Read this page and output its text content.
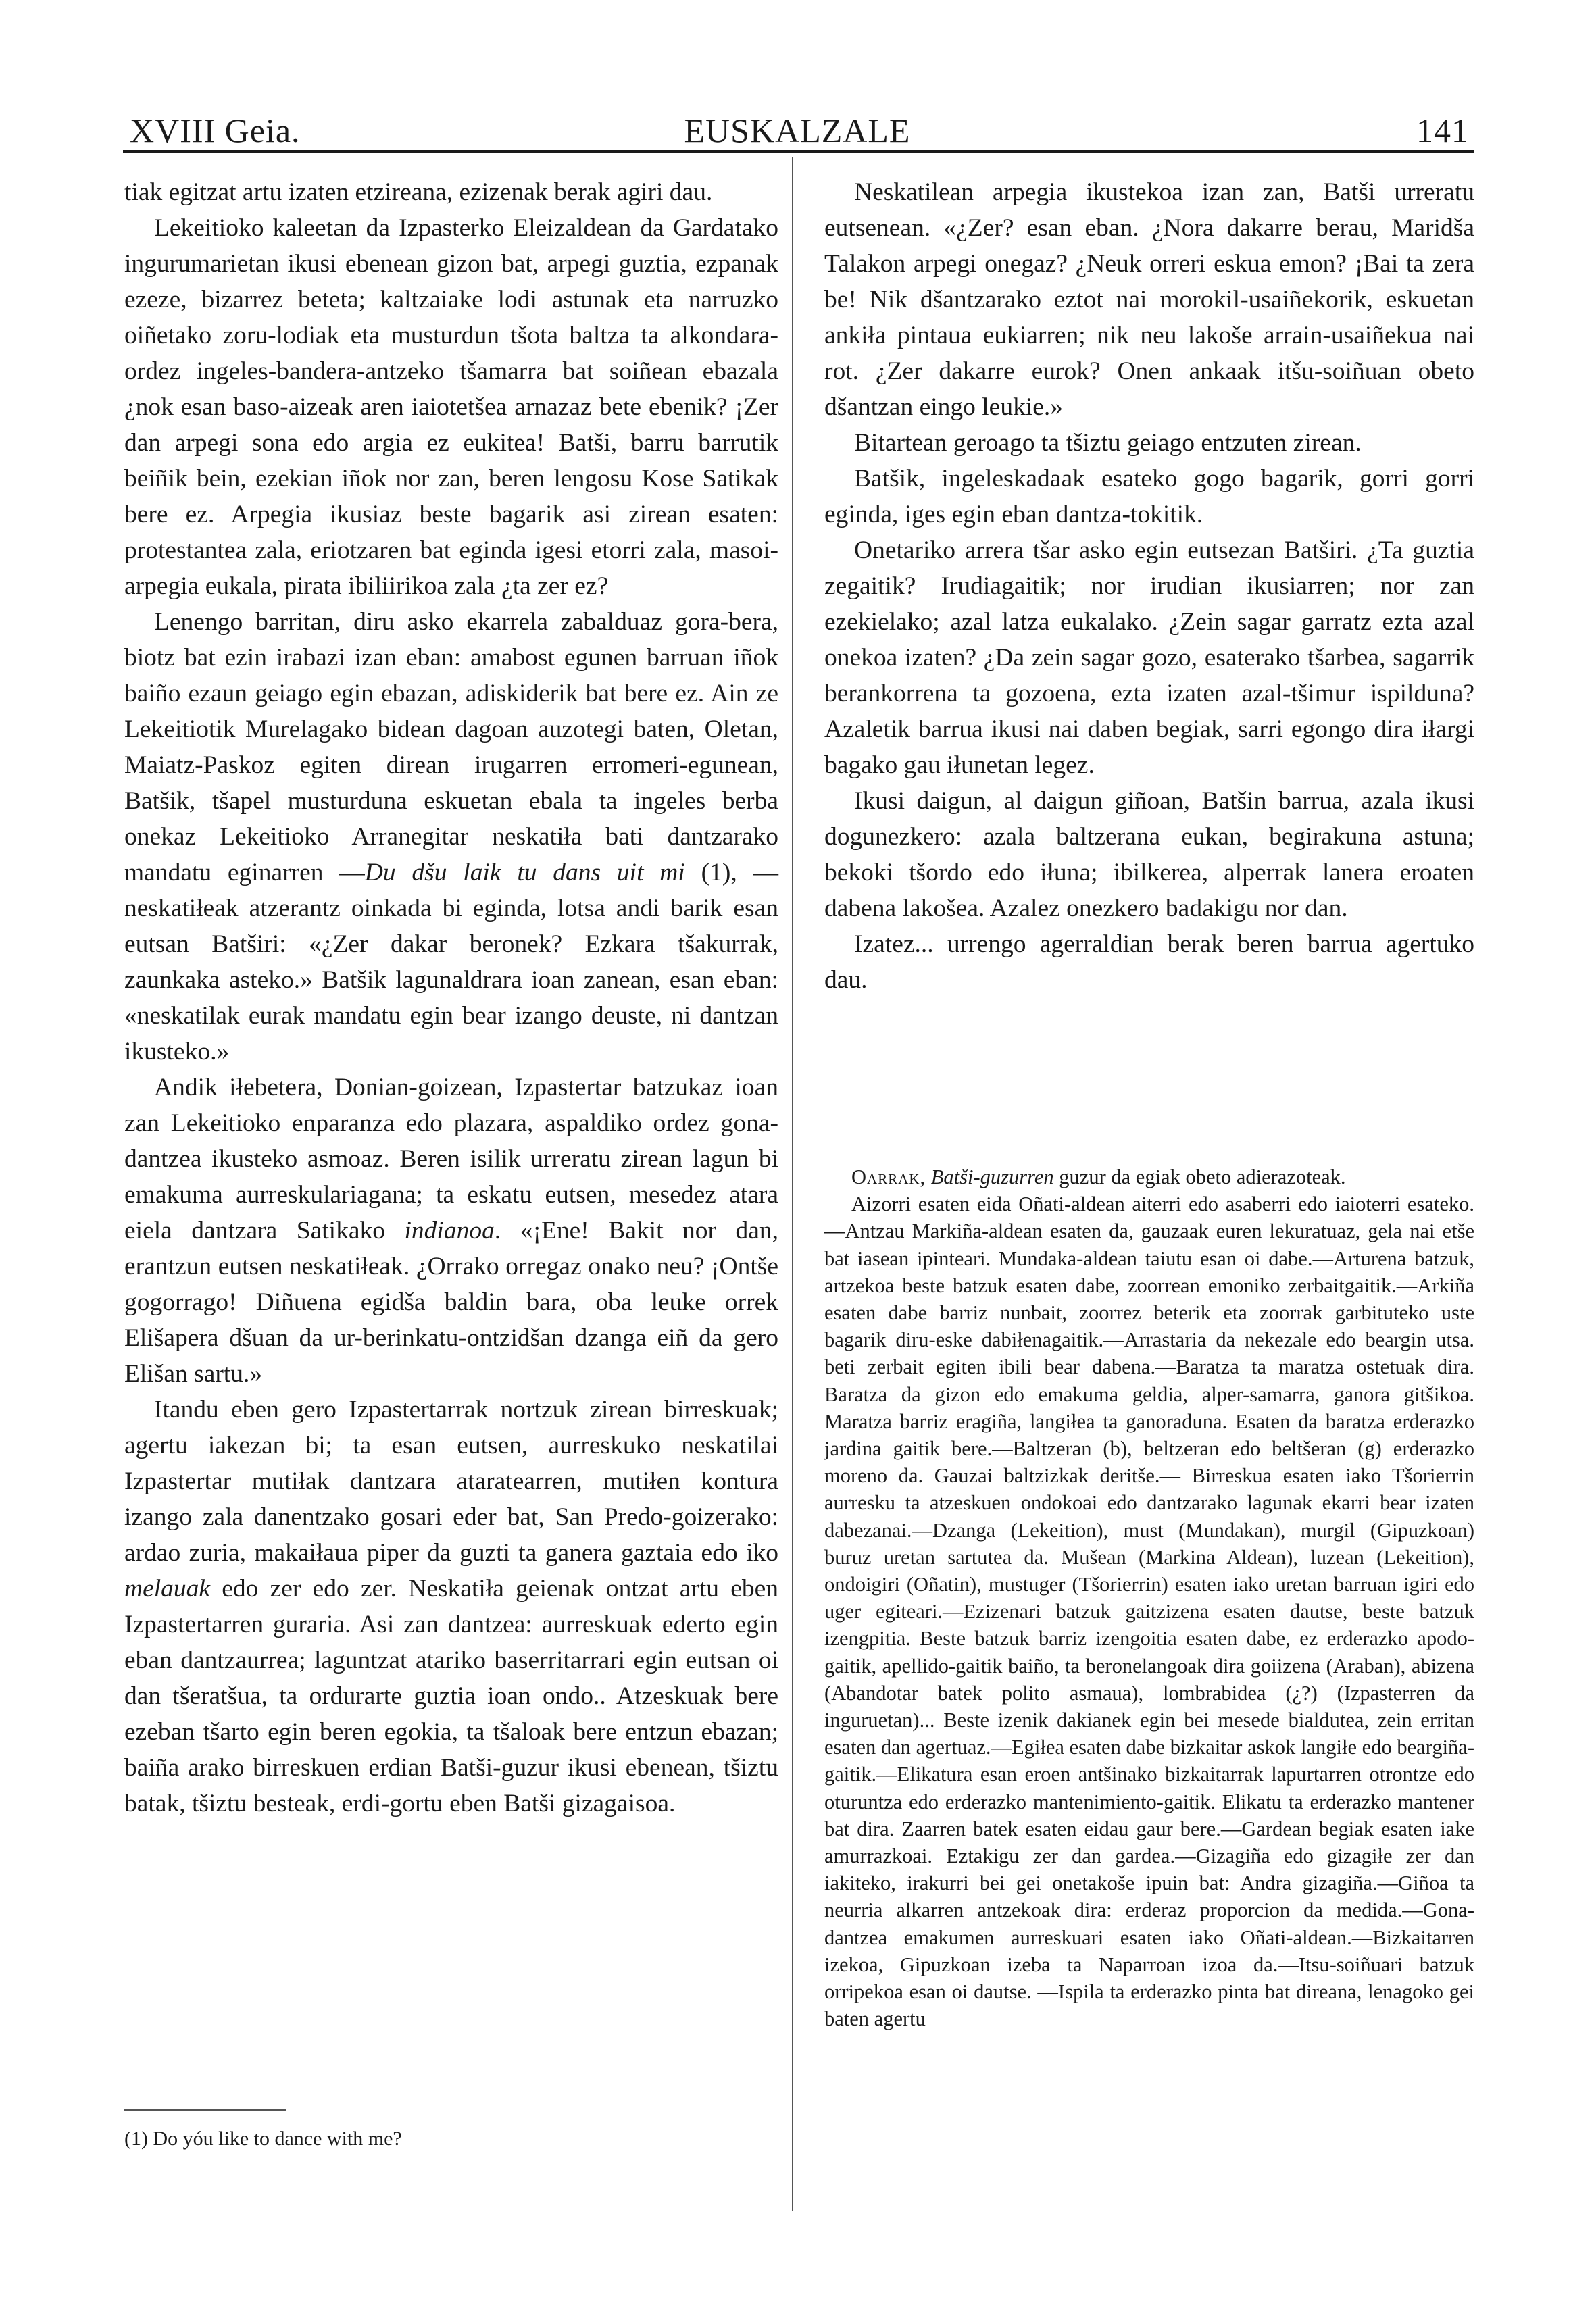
XVIII Geia.	EUSKALZALE	141

tiak egitzat artu izaten etzireana, ezizenak berak agiri dau.

Lekeitioko kaleetan da Izpasterko Eleizaldean da Gardatako ingurumarietan ikusi ebenean gizon bat, arpegi guztia, ezpanak ezeze, bizarrez beteta; kaltzaiake lodi astunak eta narruzko oiñetako zoru-lodiak eta musturdun tšota baltza ta alkondara-ordez ingeles-bandera-antzeko tšamarra bat soiñean ebazala ¿nok esan baso-aizeak aren iaiotetšea arnazaz bete ebenik? ¡Zer dan arpegi sona edo argia ez eukitea! Batši, barru barrutik beiñik bein, ezekian iñok nor zan, beren lengosu Kose Satikak bere ez. Arpegia ikusiaz beste bagarik asi zirean esaten: protestantea zala, eriotzaren bat eginda igesi etorri zala, masoi-arpegia eukala, pirata ibiliirikoa zala ¿ta zer ez?

Lenengo barritan, diru asko ekarrela zabalduaz gora-bera, biotz bat ezin irabazi izan eban: amabost egunen barruan iñok baiño ezaun geiago egin ebazan, adiskiderik bat bere ez. Ain ze Lekeitiotik Murelagako bidean dagoan auzotegi baten, Oletan, Maiatz-Paskoz egiten direan irugarren erromeri-egunean, Batšik, tšapel musturduna eskuetan ebala ta ingeles berba onekaz Lekeitioko Arranegitar neskatiła bati dantzarako mandatu eginarren —Du dšu laik tu dans uit mi (1), —neskatiłeak atzerantz oinkada bi eginda, lotsa andi barik esan eutsan Batširi: «¿Zer dakar beronek? Ezkara tšakurrak, zaunkaka asteko.» Batšik lagunaldrara ioan zanean, esan eban: «neskatilak eurak mandatu egin bear izango deuste, ni dantzan ikusteko.»

Andik iłebetera, Donian-goizean, Izpastertar batzukaz ioan zan Lekeitioko enparanza edo plazara, aspaldiko ordez gona-dantzea ikusteko asmoaz. Beren isilik urreratu zirean lagun bi emakuma aurreskulariagana; ta eskatu eutsen, mesedez atara eiela dantzara Satikako indianoa. «¡Ene! Bakit nor dan, erantzun eutsen neskatiłeak. ¿Orrako orregaz onako neu? ¡Ontše gogorrago! Diñuena egidša baldin bara, oba leuke orrek Elišapera dšuan da ur-berinkatu-ontzidšan dzanga eiñ da gero Elišan sartu.»

Itandu eben gero Izpastertarrak nortzuk zirean birreskuak; agertu iakezan bi; ta esan eutsen, aurreskuko neskatilai Izpastertar mutiłak dantzara ataratearren, mutiłen kontura izango zala danentzako gosari eder bat, San Predo-goizerako: ardao zuria, makaiłaua piper da guzti ta ganera gaztaia edo iko melauak edo zer edo zer. Neskatiła geienak ontzat artu eben Izpastertarren guraria. Asi zan dantzea: aurreskuak ederto egin eban dantzaurrea; laguntzat atariko baserritarrari egin eutsan oi dan tšeratšua, ta ordurarte guztia ioan ondo.. Atzeskuak bere ezeban tšarto egin beren egokia, ta tšaloak bere entzun ebazan; baiña arako birreskuen erdian Batši-guzur ikusi ebenean, tšiztu batak, tšiztu besteak, erdi-gortu eben Batši gizagaisoa.

(1) Do yóu like to dance with me?

Neskatilean arpegia ikustekoa izan zan, Batši urreratu eutsenean. «¿Zer? esan eban. ¿Nora dakarre berau, Maridša Talakon arpegi onegaz? ¿Neuk orreri eskua emon? ¡Bai ta zera be! Nik dšantzarako eztot nai morokil-usaiñekorik, eskuetan ankiła pintaua eukiarren; nik neu lakoše arrain-usaiñekua nai rot. ¿Zer dakarre eurok? Onen ankaak itšu-soiñuan obeto dšantzan eingo leukie.»

Bitartean geroago ta tšiztu geiago entzuten zirean.

Batšik, ingeleskadaak esateko gogo bagarik, gorri gorri eginda, iges egin eban dantza-tokitik.

Onetariko arrera tšar asko egin eutsezan Batširi. ¿Ta guztia zegaitik? Irudiagaitik; nor irudian ikusiarren; nor zan ezekielako; azal latza eukalako. ¿Zein sagar garratz ezta azal onekoa izaten? ¿Da zein sagar gozo, esaterako tšarbea, sagarrik berankorrena ta gozoena, ezta izaten azal-tšimur ispilduna? Azaletik barrua ikusi nai daben begiak, sarri egongo dira iłargi bagako gau iłunetan legez.

Ikusi daigun, al daigun giñoan, Batšin barrua, azala ikusi dogunezkero: azala baltzerana eukan, begirakuna astuna; bekoki tšordo edo iłuna; ibilkerea, alperrak lanera eroaten dabena lakošea. Azalez onezkero badakigu nor dan.

Izatez... urrengo agerraldian berak beren barrua agertuko dau.

Oarrak, Batši-guzurren guzur da egiak obeto adierazoteak.

Aizorri esaten eida Oñati-aldean aiterri edo asaberri edo iaioterri esateko.—Antzau Markiña-aldean esaten da, gauzaak euren lekuratuaz, gela nai etše bat iasean ipinteari. Mundaka-aldean taiutu esan oi dabe.—Arturena batzuk, artzekoa beste batzuk esaten dabe, zoorrean emoniko zerbaitgaitik.—Arkiña esaten dabe barriz nunbait, zoorrez beterik eta zoorrak garbituteko uste bagarik diru-eske dabiłenagaitik.—Arrastaria da nekezale edo beargin utsa. beti zerbait egiten ibili bear dabena.—Baratza ta maratza ostetuak dira. Baratza da gizon edo emakuma geldia, alper-samarra, ganora gitšikoa. Maratza barriz eragiña, langiłea ta ganoraduna. Esaten da baratza erderazko jardina gaitik bere.—Baltzeran (b), beltzeran edo beltšeran (g) erderazko moreno da. Gauzai baltzizkak deritše.— Birreskua esaten iako Tšorierrin aurresku ta atzeskuen ondokoai edo dantzarako lagunak ekarri bear izaten dabezanai.—Dzanga (Lekeition), must (Mundakan), murgil (Gipuzkoan) buruz uretan sartutea da. Mušean (Markina Aldean), luzean (Lekeition), ondoigiri (Oñatin), mustuger (Tšorierrin) esaten iako uretan barruan igiri edo uger egiteari.—Ezizenari batzuk gaitzizena esaten dautse, beste batzuk izengpitia. Beste batzuk barriz izengoitia esaten dabe, ez erderazko apodo-gaitik, apellido-gaitik baiño, ta beronelangoak dira goiizena (Araban), abizena (Abandotar batek polito asmaua), lombrabidea (¿?) (Izpasterren da inguruetan)... Beste izenik dakianek egin bei mesede bialdutea, zein erritan esaten dan agertuaz.—Egiłea esaten dabe bizkaitar askok langiłe edo beargiña-gaitik.—Elikatura esan eroen antšinako bizkaitarrak lapurtarren otrontze edo oturuntza edo erderazko mantenimiento-gaitik. Elikatu ta erderazko mantener bat dira. Zaarren batek esaten eidau gaur bere.—Gardean begiak esaten iake amurrazkoai. Eztakigu zer dan gardea.—Gizagiña edo gizagiłe zer dan iakiteko, irakurri bei gei onetakoše ipuin bat: Andra gizagiña.—Giñoa ta neurria alkarren antzekoak dira: erderaz proporcion da medida.—Gona-dantzea emakumen aurreskuari esaten iako Oñati-aldean.—Bizkaitarren izekoa, Gipuzkoan izeba ta Naparroan izoa da.—Itsu-soiñuari batzuk orripekoa esan oi dautse. —Ispila ta erderazko pinta bat direana, lenagoko gei baten agertu
